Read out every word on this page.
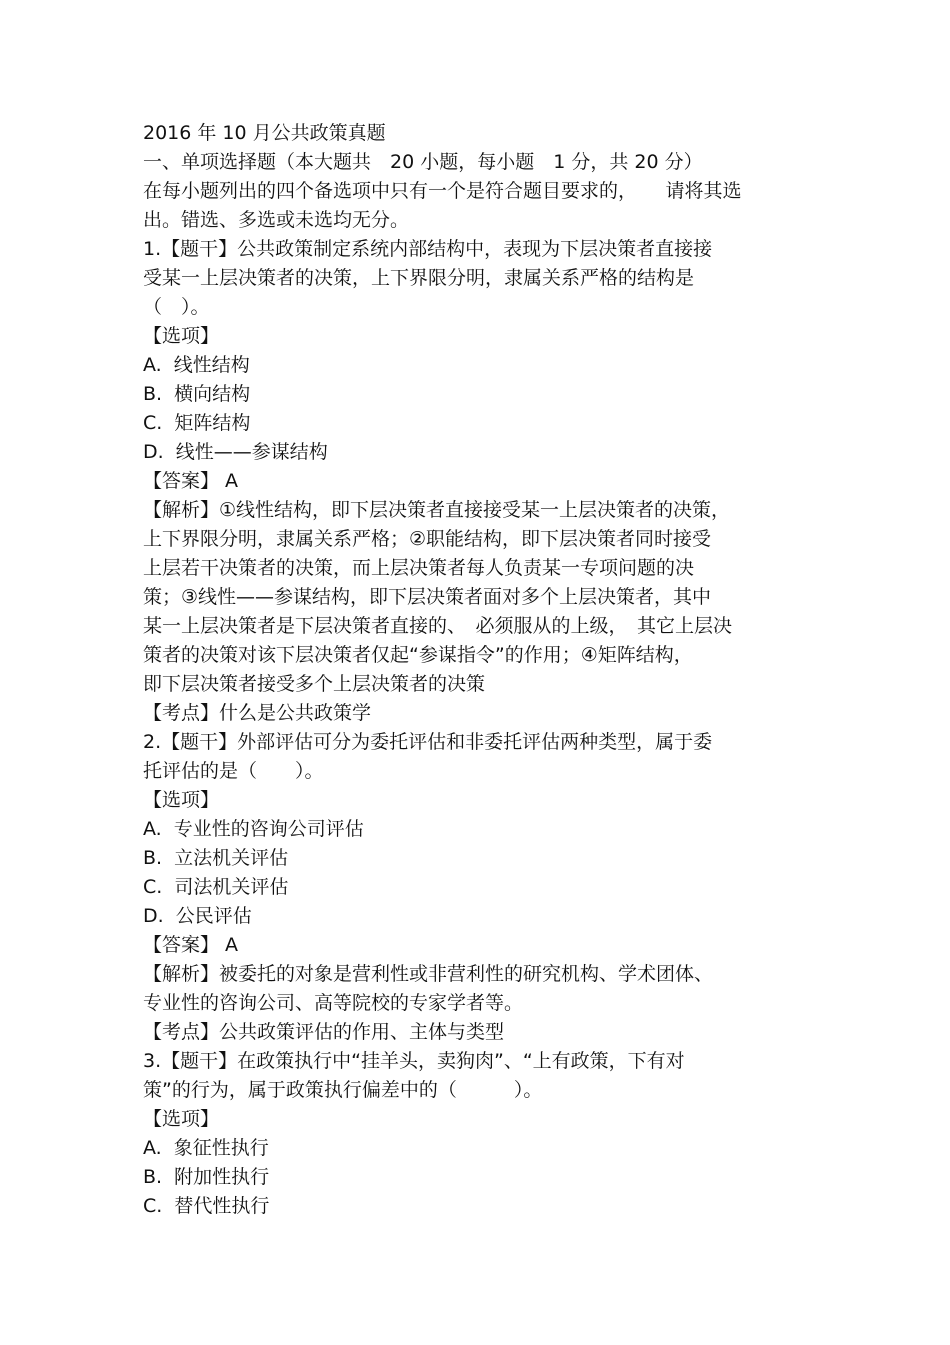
2016 年 10 月公共政策真题
一、单项选择题（本大题共　20 小题，每小题　1 分，共 20 分）
在每小题列出的四个备选项中只有一个是符合题目要求的，　　请将其选
出。错选、多选或未选均无分。
1.【题干】公共政策制定系统内部结构中，表现为下层决策者直接接
受某一上层决策者的决策，上下界限分明，隶属关系严格的结构是
（　）。
【选项】
A.  线性结构
B.  横向结构
C.  矩阵结构
D.  线性——参谋结构
【答案】 A
【解析】①线性结构，即下层决策者直接接受某一上层决策者的决策，
上下界限分明，隶属关系严格；②职能结构，即下层决策者同时接受
上层若干决策者的决策，而上层决策者每人负责某一专项问题的决
策；③线性——参谋结构，即下层决策者面对多个上层决策者，其中
某一上层决策者是下层决策者直接的、　必须服从的上级，　其它上层决
策者的决策对该下层决策者仅起“参谋指令”的作用；④矩阵结构，
即下层决策者接受多个上层决策者的决策
【考点】什么是公共政策学
2.【题干】外部评估可分为委托评估和非委托评估两种类型，属于委
托评估的是（　　）。
【选项】
A.  专业性的咨询公司评估
B.  立法机关评估
C.  司法机关评估
D.  公民评估
【答案】 A
【解析】被委托的对象是营利性或非营利性的研究机构、学术团体、
专业性的咨询公司、高等院校的专家学者等。
【考点】公共政策评估的作用、主体与类型
3.【题干】在政策执行中“挂羊头，卖狗肉”、“上有政策，下有对
策”的行为，属于政策执行偏差中的（　　　）。
【选项】
A.  象征性执行
B.  附加性执行
C.  替代性执行
